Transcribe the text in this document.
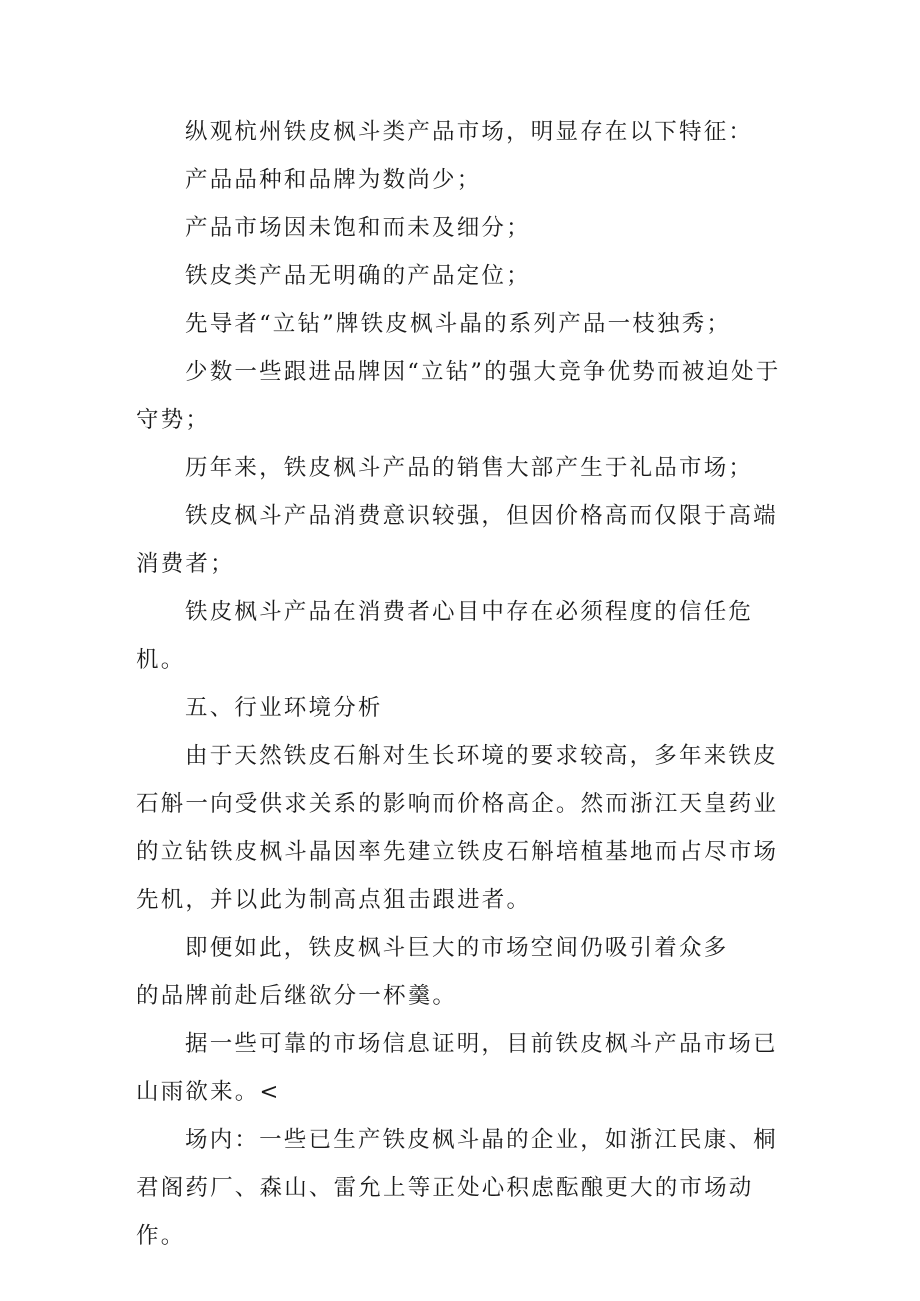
纵观杭州铁皮枫斗类产品市场，明显存在以下特征：

产品品种和品牌为数尚少；

产品市场因未饱和而未及细分；

铁皮类产品无明确的产品定位；

先导者“立钻”牌铁皮枫斗晶的系列产品一枝独秀；

少数一些跟进品牌因“立钻”的强大竞争优势而被迫处于守势；

历年来，铁皮枫斗产品的销售大部产生于礼品市场；

铁皮枫斗产品消费意识较强，但因价格高而仅限于高端消费者；

铁皮枫斗产品在消费者心目中存在必须程度的信任危机。

五、行业环境分析

由于天然铁皮石斛对生长环境的要求较高，多年来铁皮石斛一向受供求关系的影响而价格高企。然而浙江天皇药业的立钻铁皮枫斗晶因率先建立铁皮石斛培植基地而占尽市场先机，并以此为制高点狙击跟进者。

即便如此，铁皮枫斗巨大的市场空间仍吸引着众多的品牌前赴后继欲分一杯羹。

据一些可靠的市场信息证明，目前铁皮枫斗产品市场已山雨欲来。<

场内：一些已生产铁皮枫斗晶的企业，如浙江民康、桐君阁药厂、森山、雷允上等正处心积虑酝酿更大的市场动作。
